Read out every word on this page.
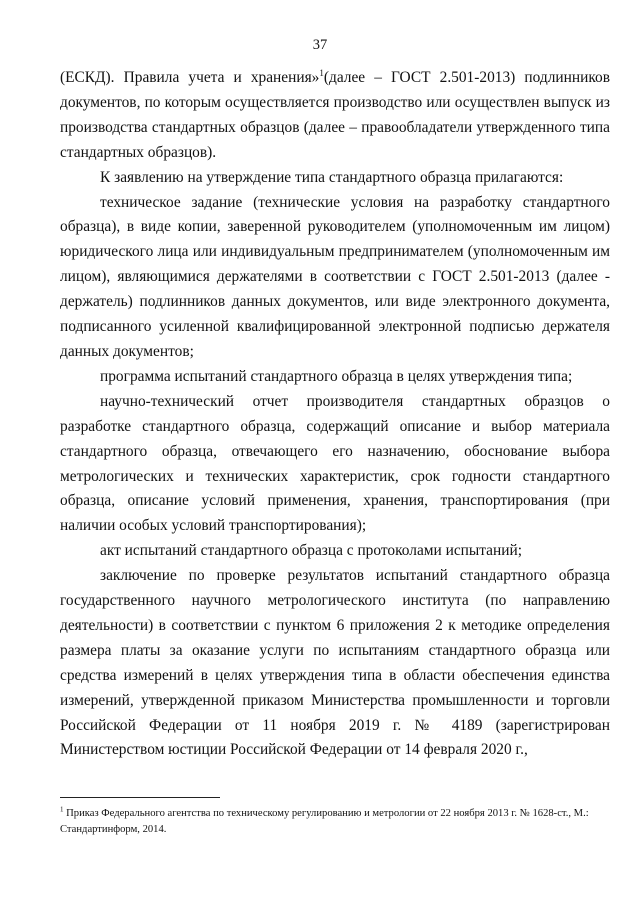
37

(ЕСКД). Правила учета и хранения»$^1$(далее – ГОСТ 2.501-2013) подлинников документов, по которым осуществляется производство или осуществлен выпуск из производства стандартных образцов (далее – правообладатели утвержденного типа стандартных образцов).

К заявлению на утверждение типа стандартного образца прилагаются:

техническое задание (технические условия на разработку стандартного образца), в виде копии, заверенной руководителем (уполномоченным им лицом) юридического лица или индивидуальным предпринимателем (уполномоченным им лицом), являющимися держателями в соответствии с ГОСТ 2.501-2013 (далее - держатель) подлинников данных документов, или виде электронного документа, подписанного усиленной квалифицированной электронной подписью держателя данных документов;

программа испытаний стандартного образца в целях утверждения типа;

научно-технический отчет производителя стандартных образцов о разработке стандартного образца, содержащий описание и выбор материала стандартного образца, отвечающего его назначению, обоснование выбора метрологических и технических характеристик, срок годности стандартного образца, описание условий применения, хранения, транспортирования (при наличии особых условий транспортирования);

акт испытаний стандартного образца с протоколами испытаний;

заключение по проверке результатов испытаний стандартного образца государственного научного метрологического института (по направлению деятельности) в соответствии с пунктом 6 приложения 2 к методике определения размера платы за оказание услуги по испытаниям стандартного образца или средства измерений в целях утверждения типа в области обеспечения единства измерений, утвержденной приказом Министерства промышленности и торговли Российской Федерации от 11 ноября 2019 г. № 4189 (зарегистрирован Министерством юстиции Российской Федерации от 14 февраля 2020 г.,

$^1$ Приказ Федерального агентства по техническому регулированию и метрологии от 22 ноября 2013 г. № 1628-ст., М.: Стандартинформ, 2014.
